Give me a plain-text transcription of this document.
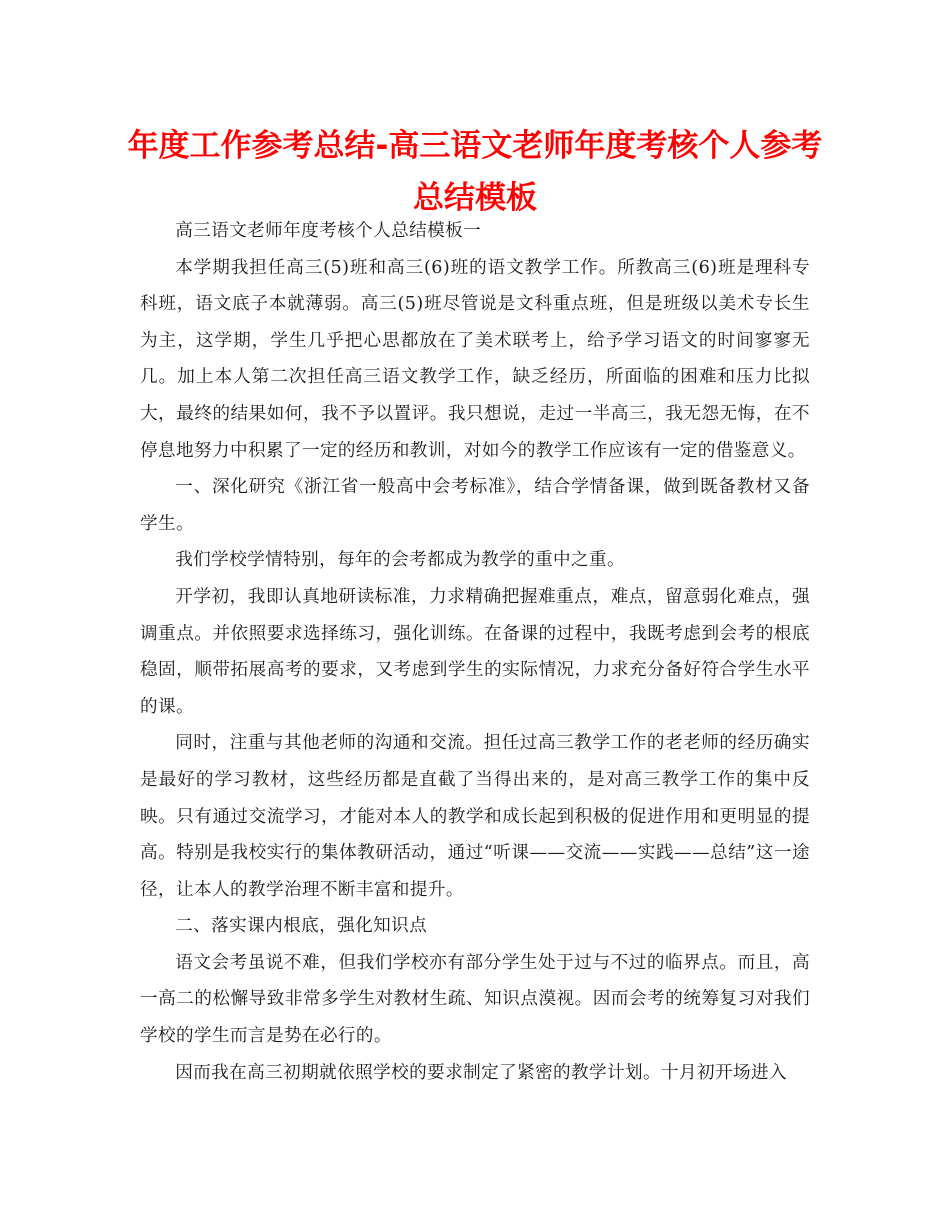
年度工作参考总结-高三语文老师年度考核个人参考总结模板

高三语文老师年度考核个人总结模板一

本学期我担任高三(5)班和高三(6)班的语文教学工作。所教高三(6)班是理科专科班，语文底子本就薄弱。高三(5)班尽管说是文科重点班，但是班级以美术专长生为主，这学期，学生几乎把心思都放在了美术联考上，给予学习语文的时间寥寥无几。加上本人第二次担任高三语文教学工作，缺乏经历，所面临的困难和压力比拟大，最终的结果如何，我不予以置评。我只想说，走过一半高三，我无怨无悔，在不停息地努力中积累了一定的经历和教训，对如今的教学工作应该有一定的借鉴意义。

一、深化研究《浙江省一般高中会考标准》，结合学情备课，做到既备教材又备学生。

我们学校学情特别，每年的会考都成为教学的重中之重。

开学初，我即认真地研读标准，力求精确把握难重点，难点，留意弱化难点，强调重点。并依照要求选择练习，强化训练。在备课的过程中，我既考虑到会考的根底稳固，顺带拓展高考的要求，又考虑到学生的实际情况，力求充分备好符合学生水平的课。

同时，注重与其他老师的沟通和交流。担任过高三教学工作的老老师的经历确实是最好的学习教材，这些经历都是直截了当得出来的，是对高三教学工作的集中反映。只有通过交流学习，才能对本人的教学和成长起到积极的促进作用和更明显的提高。特别是我校实行的集体教研活动，通过“听课——交流——实践——总结”这一途径，让本人的教学治理不断丰富和提升。

二、落实课内根底，强化知识点

语文会考虽说不难，但我们学校亦有部分学生处于过与不过的临界点。而且，高一高二的松懈导致非常多学生对教材生疏、知识点漠视。因而会考的统筹复习对我们学校的学生而言是势在必行的。

因而我在高三初期就依照学校的要求制定了紧密的教学计划。十月初开场进入
